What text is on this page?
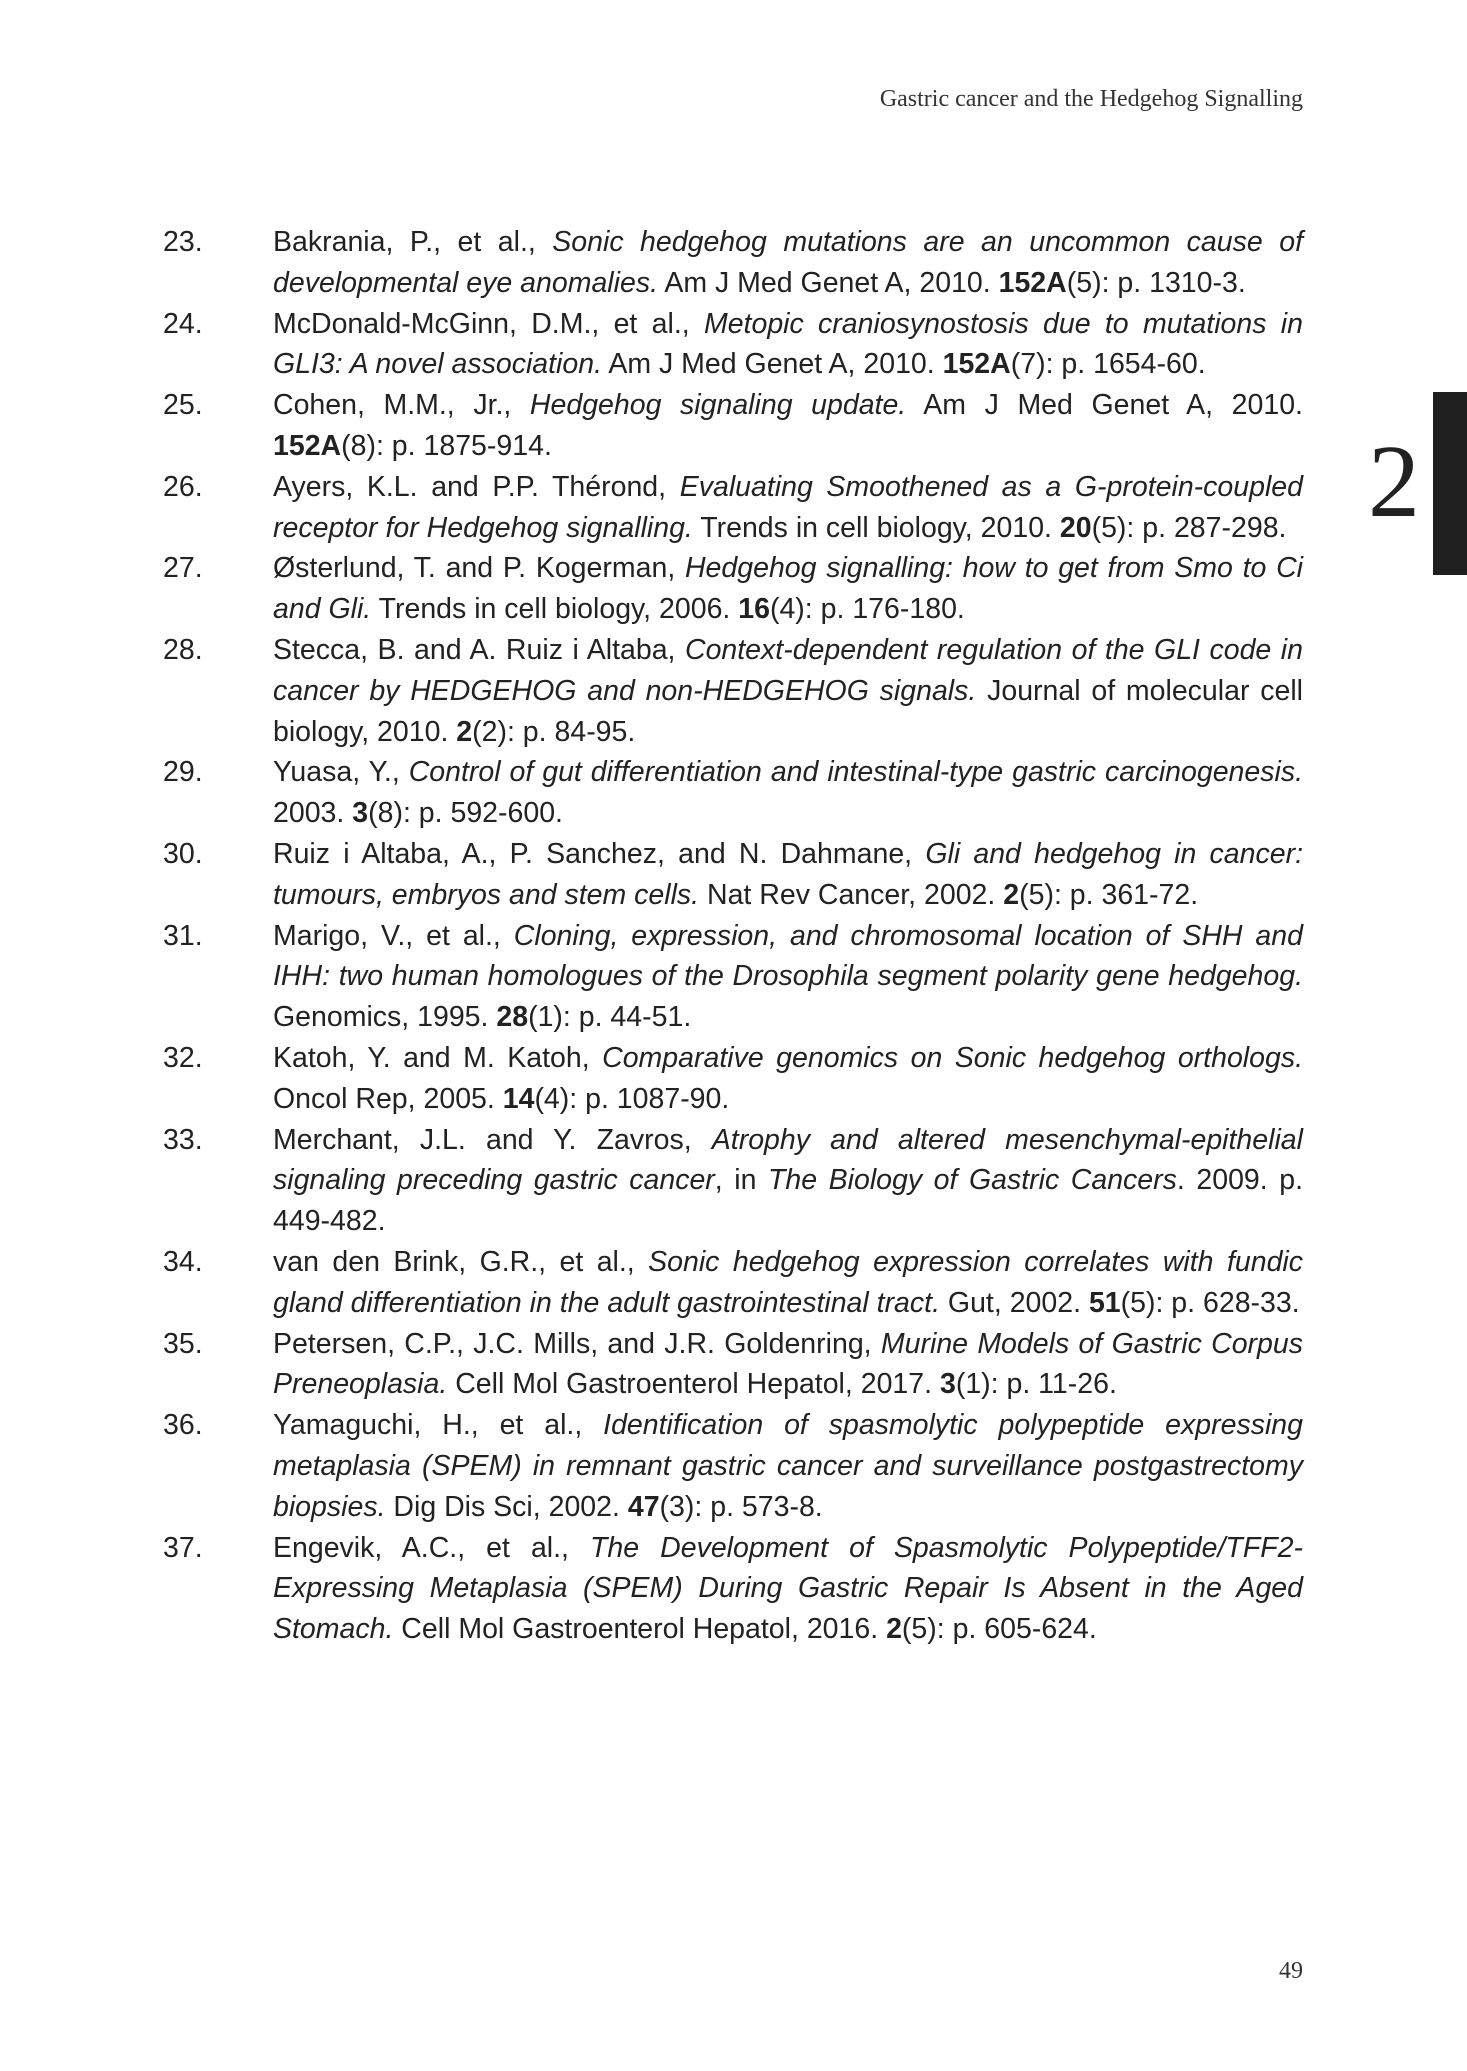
Gastric cancer and the Hedgehog Signalling
2
23.	Bakrania, P., et al., Sonic hedgehog mutations are an uncommon cause of developmental eye anomalies. Am J Med Genet A, 2010. 152A(5): p. 1310-3.
24.	McDonald-McGinn, D.M., et al., Metopic craniosynostosis due to mutations in GLI3: A novel association. Am J Med Genet A, 2010. 152A(7): p. 1654-60.
25.	Cohen, M.M., Jr., Hedgehog signaling update. Am J Med Genet A, 2010. 152A(8): p. 1875-914.
26.	Ayers, K.L. and P.P. Thérond, Evaluating Smoothened as a G-protein-coupled receptor for Hedgehog signalling. Trends in cell biology, 2010. 20(5): p. 287-298.
27.	Østerlund, T. and P. Kogerman, Hedgehog signalling: how to get from Smo to Ci and Gli. Trends in cell biology, 2006. 16(4): p. 176-180.
28.	Stecca, B. and A. Ruiz i Altaba, Context-dependent regulation of the GLI code in cancer by HEDGEHOG and non-HEDGEHOG signals. Journal of molecular cell biology, 2010. 2(2): p. 84-95.
29.	Yuasa, Y., Control of gut differentiation and intestinal-type gastric carcinogenesis. 2003. 3(8): p. 592-600.
30.	Ruiz i Altaba, A., P. Sanchez, and N. Dahmane, Gli and hedgehog in cancer: tumours, embryos and stem cells. Nat Rev Cancer, 2002. 2(5): p. 361-72.
31.	Marigo, V., et al., Cloning, expression, and chromosomal location of SHH and IHH: two human homologues of the Drosophila segment polarity gene hedgehog. Genomics, 1995. 28(1): p. 44-51.
32.	Katoh, Y. and M. Katoh, Comparative genomics on Sonic hedgehog orthologs. Oncol Rep, 2005. 14(4): p. 1087-90.
33.	Merchant, J.L. and Y. Zavros, Atrophy and altered mesenchymal-epithelial signaling preceding gastric cancer, in The Biology of Gastric Cancers. 2009. p. 449-482.
34.	van den Brink, G.R., et al., Sonic hedgehog expression correlates with fundic gland differentiation in the adult gastrointestinal tract. Gut, 2002. 51(5): p. 628-33.
35.	Petersen, C.P., J.C. Mills, and J.R. Goldenring, Murine Models of Gastric Corpus Preneoplasia. Cell Mol Gastroenterol Hepatol, 2017. 3(1): p. 11-26.
36.	Yamaguchi, H., et al., Identification of spasmolytic polypeptide expressing metaplasia (SPEM) in remnant gastric cancer and surveillance postgastrectomy biopsies. Dig Dis Sci, 2002. 47(3): p. 573-8.
37.	Engevik, A.C., et al., The Development of Spasmolytic Polypeptide/TFF2-Expressing Metaplasia (SPEM) During Gastric Repair Is Absent in the Aged Stomach. Cell Mol Gastroenterol Hepatol, 2016. 2(5): p. 605-624.
49
